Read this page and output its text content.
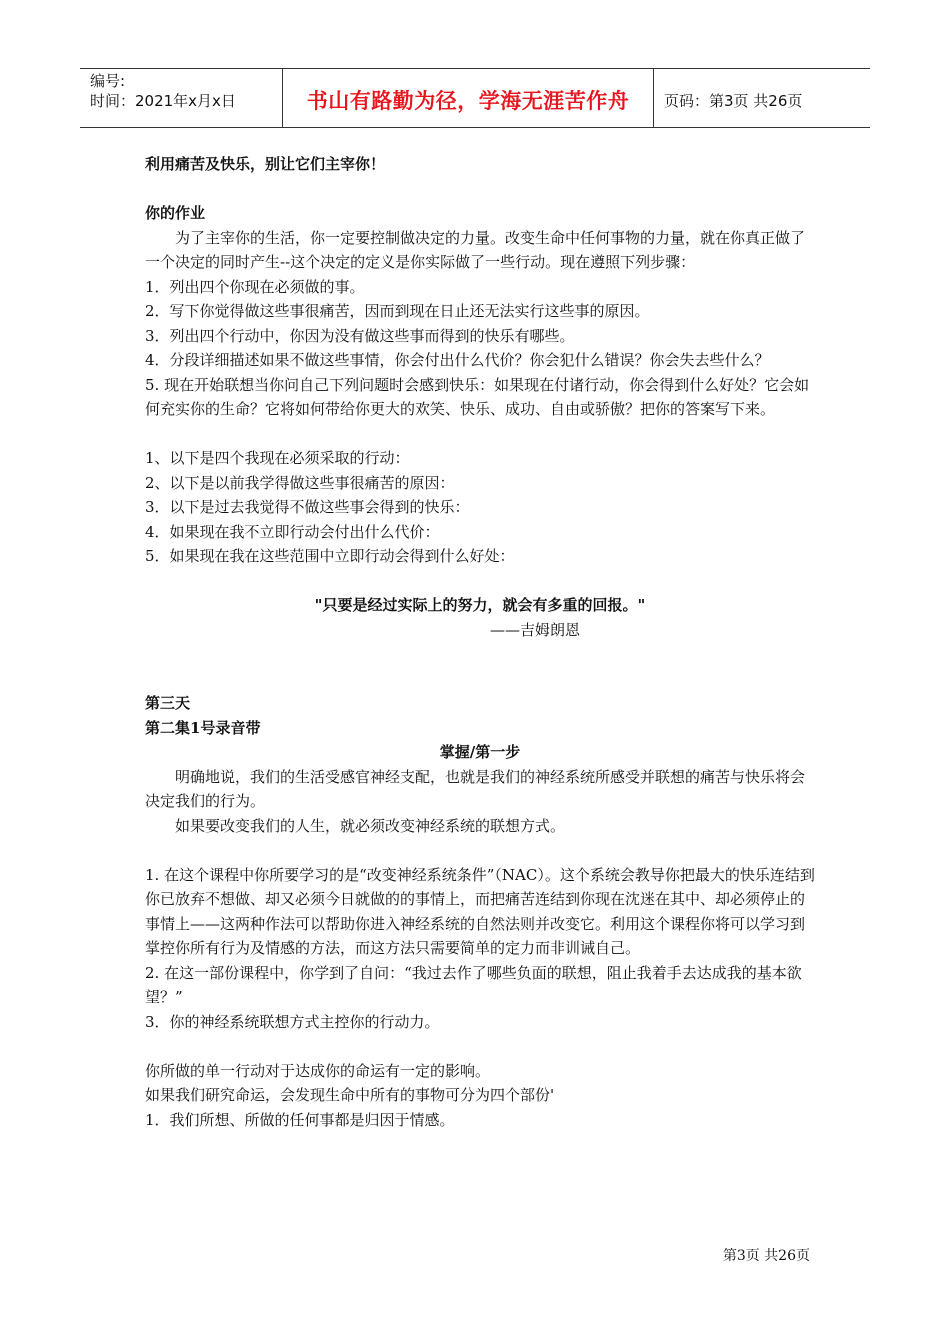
编号:
时间：2021年x月x日	书山有路勤为径，学海无涯苦作舟	页码：第3页 共26页

利用痛苦及快乐，别让它们主宰你！

你的作业

为了主宰你的生活，你一定要控制做决定的力量。改变生命中任何事物的力量，就在你真正做了一个决定的同时产生--这个决定的定义是你实际做了一些行动。现在遵照下列步骤：

1．列出四个你现在必须做的事。

2．写下你觉得做这些事很痛苦，因而到现在日止还无法实行这些事的原因。

3．列出四个行动中，你因为没有做这些事而得到的快乐有哪些。

4．分段详细描述如果不做这些事情，你会付出什么代价？你会犯什么错误？你会失去些什么？

5. 现在开始联想当你问自己下列问题时会感到快乐：如果现在付诸行动，你会得到什么好处？它会如何充实你的生命？它将如何带给你更大的欢笑、快乐、成功、自由或骄傲？把你的答案写下来。

1、以下是四个我现在必须采取的行动：

2、以下是以前我学得做这些事很痛苦的原因：

3．以下是过去我觉得不做这些事会得到的快乐：

4．如果现在我不立即行动会付出什么代价：

5．如果现在我在这些范围中立即行动会得到什么好处：

"只要是经过实际上的努力，就会有多重的回报。"

——吉姆朗恩

第三天

第二集1号录音带

掌握/第一步

明确地说，我们的生活受感官神经支配，也就是我们的神经系统所感受并联想的痛苦与快乐将会决定我们的行为。

如果要改变我们的人生，就必须改变神经系统的联想方式。

1. 在这个课程中你所要学习的是“改变神经系统条件”（NAC）。这个系统会教导你把最大的快乐连结到你已放弃不想做、却又必须今日就做的的事情上，而把痛苦连结到你现在沈迷在其中、却必须停止的事情上——这两种作法可以帮助你进入神经系统的自然法则并改变它。利用这个课程你将可以学习到掌控你所有行为及情感的方法，而这方法只需要简单的定力而非训诫自己。

2. 在这一部份课程中，你学到了自问：“我过去作了哪些负面的联想，阻止我着手去达成我的基本欲望？”

3．你的神经系统联想方式主控你的行动力。

你所做的单一行动对于达成你的命运有一定的影响。

如果我们研究命运，会发现生命中所有的事物可分为四个部份'

1．我们所想、所做的任何事都是归因于情感。

第3页 共26页
